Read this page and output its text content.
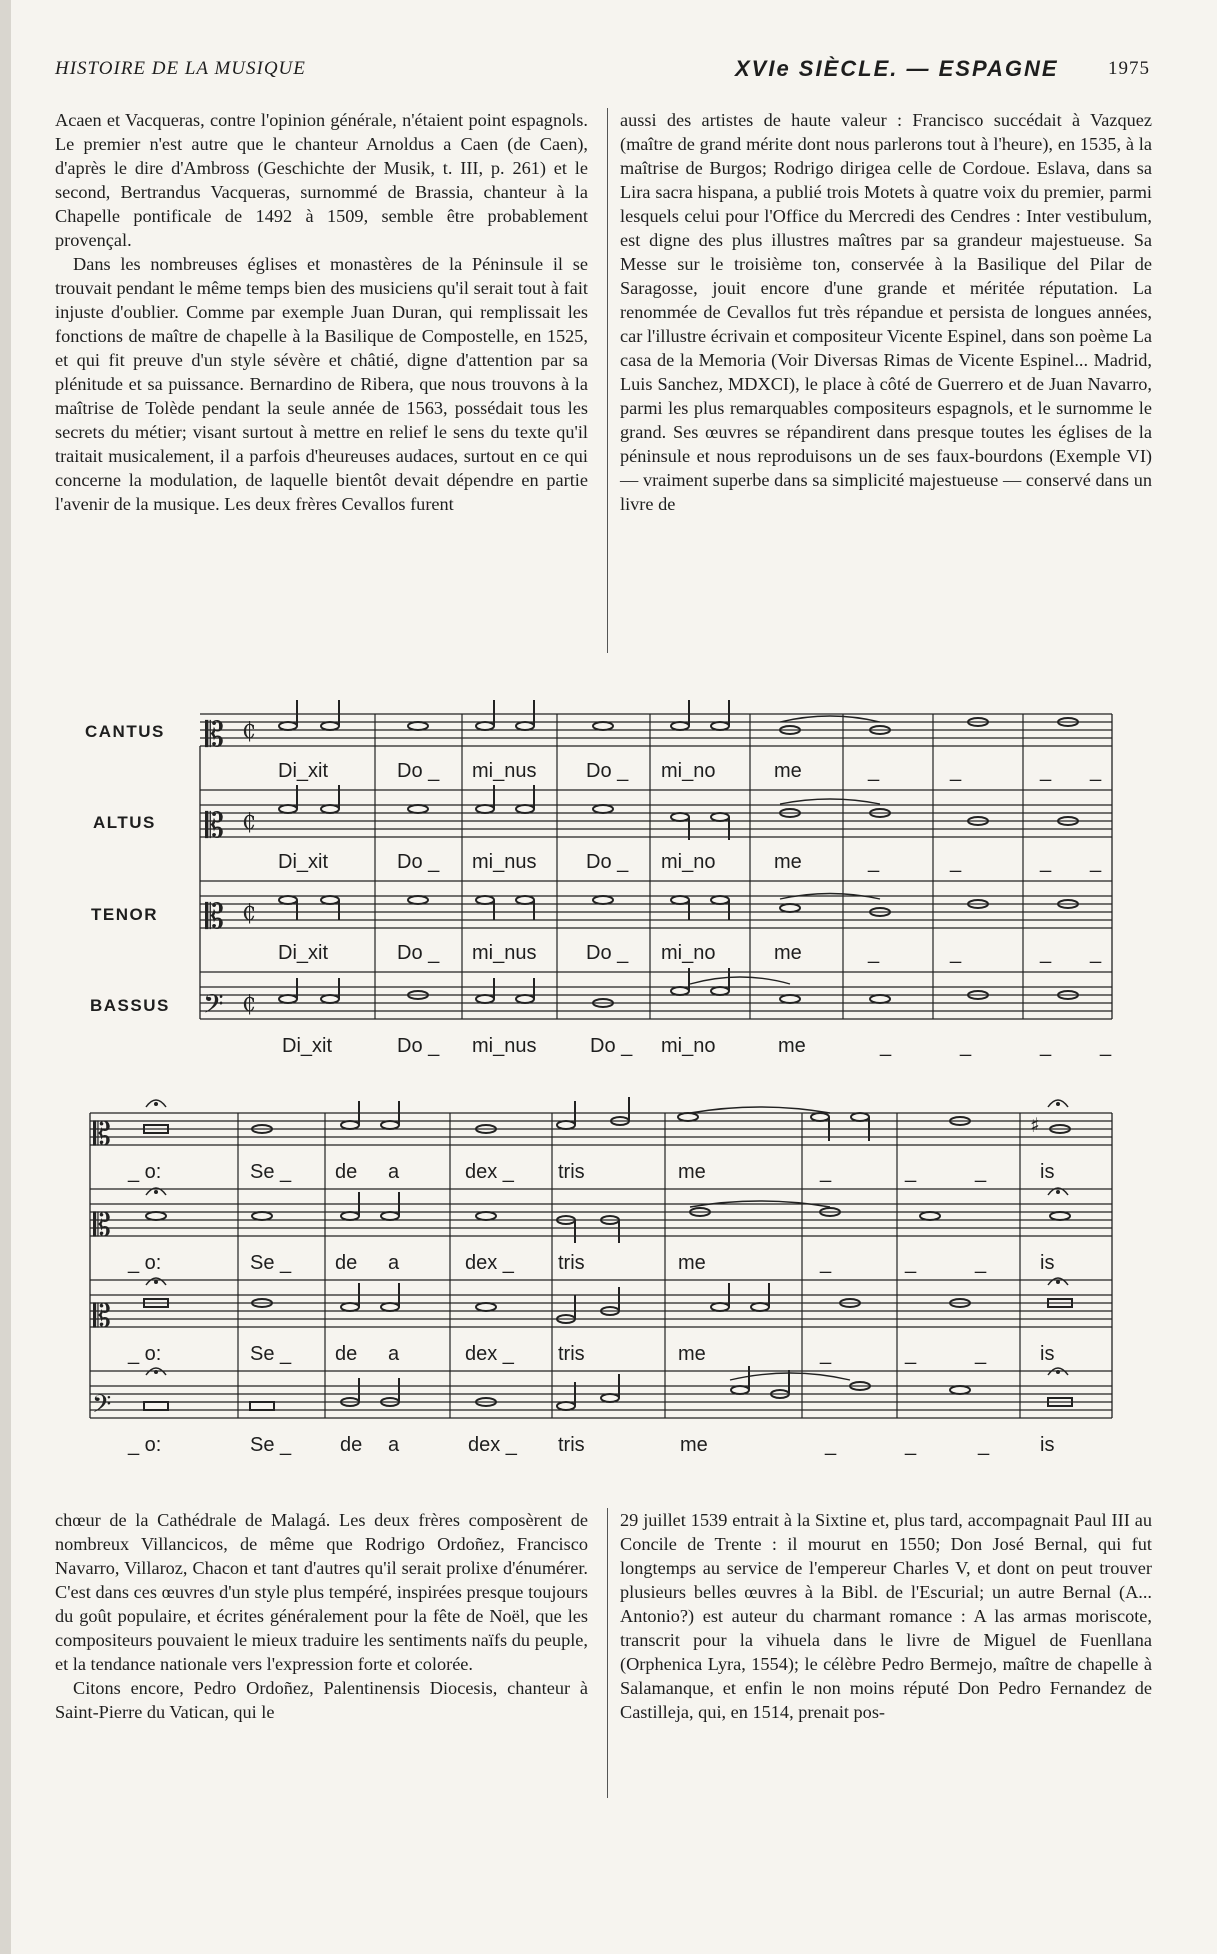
HISTOIRE DE LA MUSIQUE	XVIe SIÈCLE. — ESPAGNE	1975

Acaen et Vacqueras, contre l'opinion générale, n'étaient point espagnols. Le premier n'est autre que le chanteur Arnoldus a Caen (de Caen), d'après le dire d'Ambross (Geschichte der Musik, t. III, p. 261) et le second, Bertrandus Vacqueras, surnommé de Brassia, chanteur à la Chapelle pontificale de 1492 à 1509, semble être probablement provençal.

Dans les nombreuses églises et monastères de la Péninsule il se trouvait pendant le même temps bien des musiciens qu'il serait tout à fait injuste d'oublier. Comme par exemple Juan Duran, qui remplissait les fonctions de maître de chapelle à la Basilique de Compostelle, en 1525, et qui fit preuve d'un style sévère et châtié, digne d'attention par sa plénitude et sa puissance. Bernardino de Ribera, que nous trouvons à la maîtrise de Tolède pendant la seule année de 1563, possédait tous les secrets du métier; visant surtout à mettre en relief le sens du texte qu'il traitait musicalement, il a parfois d'heureuses audaces, surtout en ce qui concerne la modulation, de laquelle bientôt devait dépendre en partie l'avenir de la musique. Les deux frères Cevallos furent

aussi des artistes de haute valeur : Francisco succédait à Vazquez (maître de grand mérite dont nous parlerons tout à l'heure), en 1535, à la maîtrise de Burgos; Rodrigo dirigea celle de Cordoue. Eslava, dans sa Lira sacra hispana, a publié trois Motets à quatre voix du premier, parmi lesquels celui pour l'Office du Mercredi des Cendres : Inter vestibulum, est digne des plus illustres maîtres par sa grandeur majestueuse. Sa Messe sur le troisième ton, conservée à la Basilique del Pilar de Saragosse, jouit encore d'une grande et méritée réputation. La renommée de Cevallos fut très répandue et persista de longues années, car l'illustre écrivain et compositeur Vicente Espinel, dans son poème La casa de la Memoria (Voir Diversas Rimas de Vicente Espinel... Madrid, Luis Sanchez, MDXCI), le place à côté de Guerrero et de Juan Navarro, parmi les plus remarquables compositeurs espagnols, et le surnomme le grand. Ses œuvres se répandirent dans presque toutes les églises de la péninsule et nous reproduisons un de ses faux-bourdons (Exemple VI) — vraiment superbe dans sa simplicité majestueuse — conservé dans un livre de

CANTUS
ALTUS
TENOR
BASSUS
𝄡
𝄡
𝄡
𝄢
₵
₵
₵
₵
Di_xit	Do _ mi_nus Do _ mi_no	me	_	_	_ _
Di_xit	Do _ mi_nus Do _ mi_no	me	_	_	_ _
Di_xit	Do _ mi_nus Do _ mi_no	me	_	_	_ _
Di_xit	Do _ mi_nus	Do _ mi_no	me	_	_	_ _
𝄡
𝄡
𝄡
𝄢
♯
_ o:	Se _ de a	dex _ tris	me	_	_	_	is
_ o:	Se _ de a	dex _ tris	me	_	_	_	is
_ o:	Se _ de a	dex _ tris	me	_	_	_	is
_ o:	Se _ de a	dex _ tris	me	_	_	_	is

chœur de la Cathédrale de Malagá. Les deux frères composèrent de nombreux Villancicos, de même que Rodrigo Ordoñez, Francisco Navarro, Villaroz, Chacon et tant d'autres qu'il serait prolixe d'énumérer. C'est dans ces œuvres d'un style plus tempéré, inspirées presque toujours du goût populaire, et écrites généralement pour la fête de Noël, que les compositeurs pouvaient le mieux traduire les sentiments naïfs du peuple, et la tendance nationale vers l'expression forte et colorée.

Citons encore, Pedro Ordoñez, Palentinensis Diocesis, chanteur à Saint-Pierre du Vatican, qui le

29 juillet 1539 entrait à la Sixtine et, plus tard, accompagnait Paul III au Concile de Trente : il mourut en 1550; Don José Bernal, qui fut longtemps au service de l'empereur Charles V, et dont on peut trouver plusieurs belles œuvres à la Bibl. de l'Escurial; un autre Bernal (A... Antonio?) est auteur du charmant romance : A las armas moriscote, transcrit pour la vihuela dans le livre de Miguel de Fuenllana (Orphenica Lyra, 1554); le célèbre Pedro Bermejo, maître de chapelle à Salamanque, et enfin le non moins réputé Don Pedro Fernandez de Castilleja, qui, en 1514, prenait pos-
